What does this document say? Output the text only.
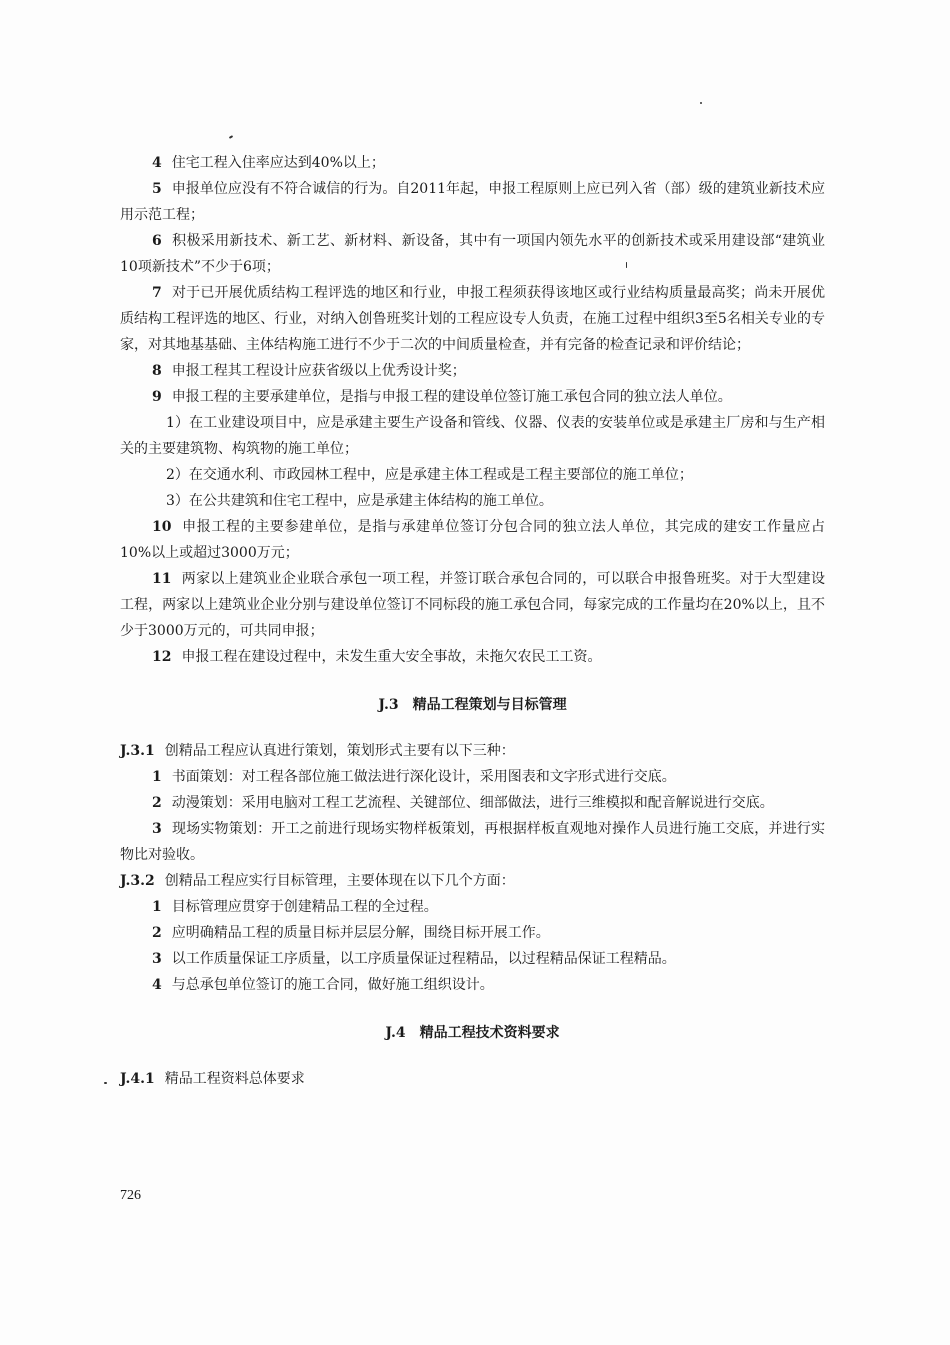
4 住宅工程入住率应达到40%以上；

5 申报单位应没有不符合诚信的行为。自2011年起，申报工程原则上应已列入省（部）级的建筑业新技术应用示范工程；

6 积极采用新技术、新工艺、新材料、新设备，其中有一项国内领先水平的创新技术或采用建设部“建筑业10项新技术”不少于6项；

7 对于已开展优质结构工程评选的地区和行业，申报工程须获得该地区或行业结构质量最高奖；尚未开展优质结构工程评选的地区、行业，对纳入创鲁班奖计划的工程应设专人负责，在施工过程中组织3至5名相关专业的专家，对其地基基础、主体结构施工进行不少于二次的中间质量检查，并有完备的检查记录和评价结论；

8 申报工程其工程设计应获省级以上优秀设计奖；

9 申报工程的主要承建单位，是指与申报工程的建设单位签订施工承包合同的独立法人单位。

1）在工业建设项目中，应是承建主要生产设备和管线、仪器、仪表的安装单位或是承建主厂房和与生产相关的主要建筑物、构筑物的施工单位；

2）在交通水利、市政园林工程中，应是承建主体工程或是工程主要部位的施工单位；

3）在公共建筑和住宅工程中，应是承建主体结构的施工单位。

10 申报工程的主要参建单位，是指与承建单位签订分包合同的独立法人单位，其完成的建安工作量应占10%以上或超过3000万元；

11 两家以上建筑业企业联合承包一项工程，并签订联合承包合同的，可以联合申报鲁班奖。对于大型建设工程，两家以上建筑业企业分别与建设单位签订不同标段的施工承包合同，每家完成的工作量均在20%以上，且不少于3000万元的，可共同申报；

12 申报工程在建设过程中，未发生重大安全事故，未拖欠农民工工资。

J.3 精品工程策划与目标管理

J.3.1 创精品工程应认真进行策划，策划形式主要有以下三种：

1 书面策划：对工程各部位施工做法进行深化设计，采用图表和文字形式进行交底。

2 动漫策划：采用电脑对工程工艺流程、关键部位、细部做法，进行三维模拟和配音解说进行交底。

3 现场实物策划：开工之前进行现场实物样板策划，再根据样板直观地对操作人员进行施工交底，并进行实物比对验收。

J.3.2 创精品工程应实行目标管理，主要体现在以下几个方面：

1 目标管理应贯穿于创建精品工程的全过程。

2 应明确精品工程的质量目标并层层分解，围绕目标开展工作。

3 以工作质量保证工序质量，以工序质量保证过程精品，以过程精品保证工程精品。

4 与总承包单位签订的施工合同，做好施工组织设计。

J.4 精品工程技术资料要求

J.4.1 精品工程资料总体要求

726
